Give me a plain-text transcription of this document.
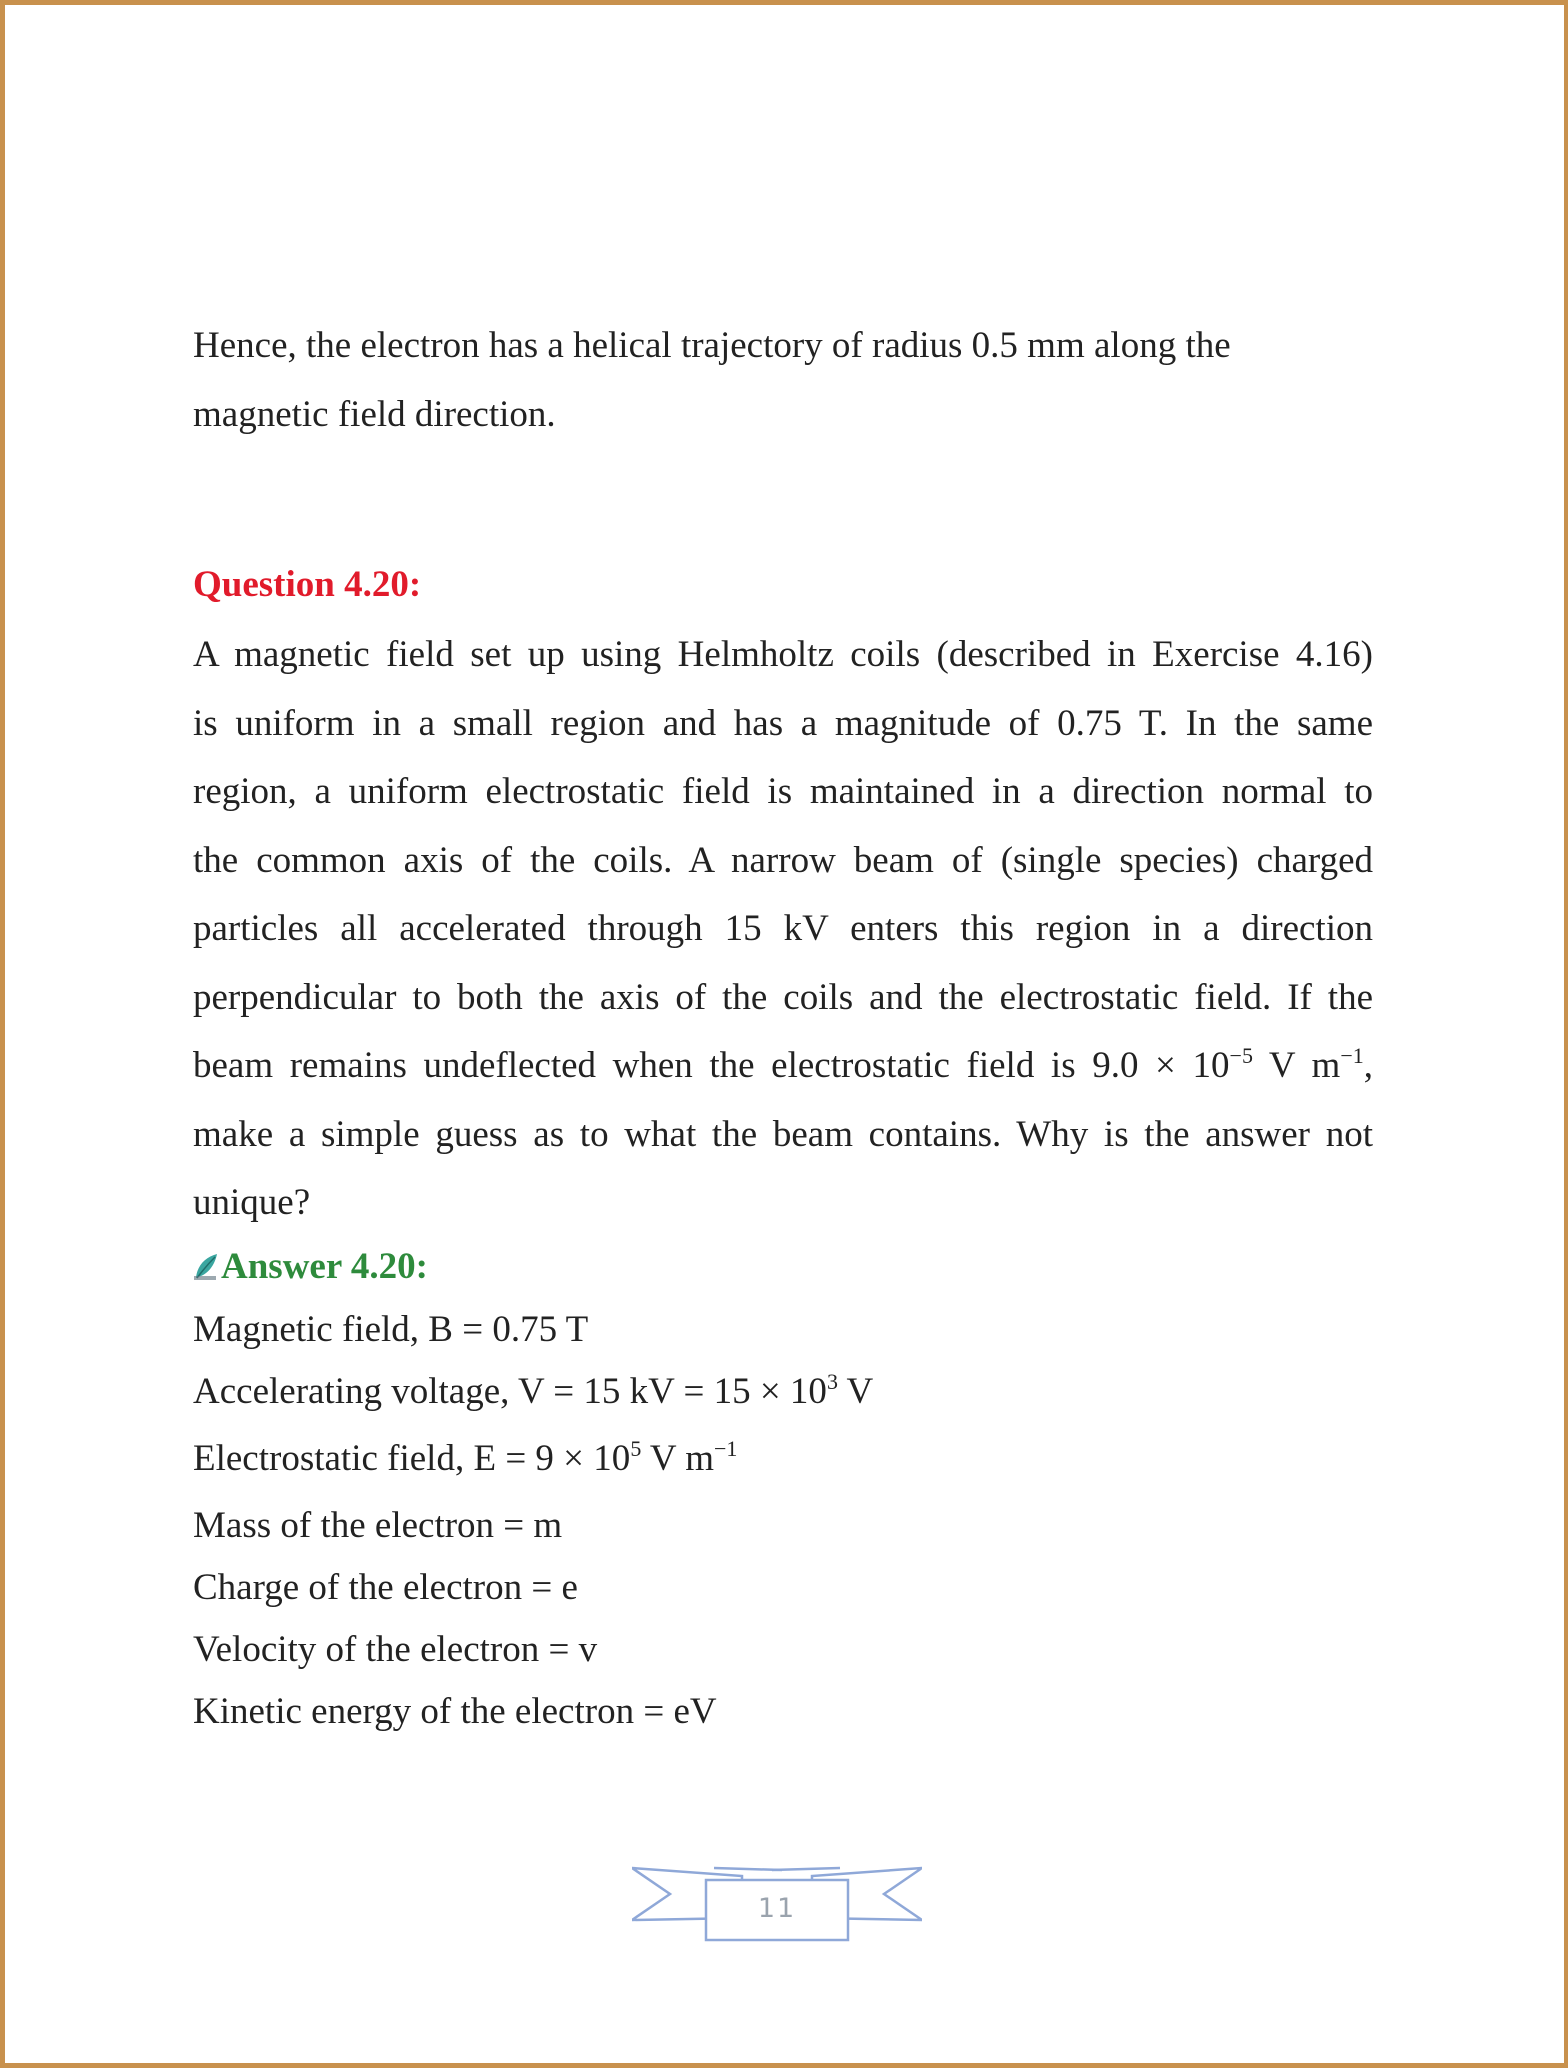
Hence, the electron has a helical trajectory of radius 0.5 mm along the

magnetic field direction.

Question 4.20:

A magnetic field set up using Helmholtz coils (described in Exercise 4.16)

is uniform in a small region and has a magnitude of 0.75 T. In the same

region, a uniform electrostatic field is maintained in a direction normal to

the common axis of the coils. A narrow beam of (single species) charged

particles all accelerated through 15 kV enters this region in a direction

perpendicular to both the axis of the coils and the electrostatic field. If the

beam remains undeflected when the electrostatic field is $9.0 \times 10^{-5}$ V $m^{-1}$,

make a simple guess as to what the beam contains. Why is the answer not

unique?

Answer 4.20:

Magnetic field, B = 0.75 T

Accelerating voltage, V = 15 kV = $15 \times 10^3$ V

Electrostatic field, $E = 9 \times 10^5$ V $m^{-1}$

Mass of the electron = m

Charge of the electron = e

Velocity of the electron = v

Kinetic energy of the electron = eV

11
